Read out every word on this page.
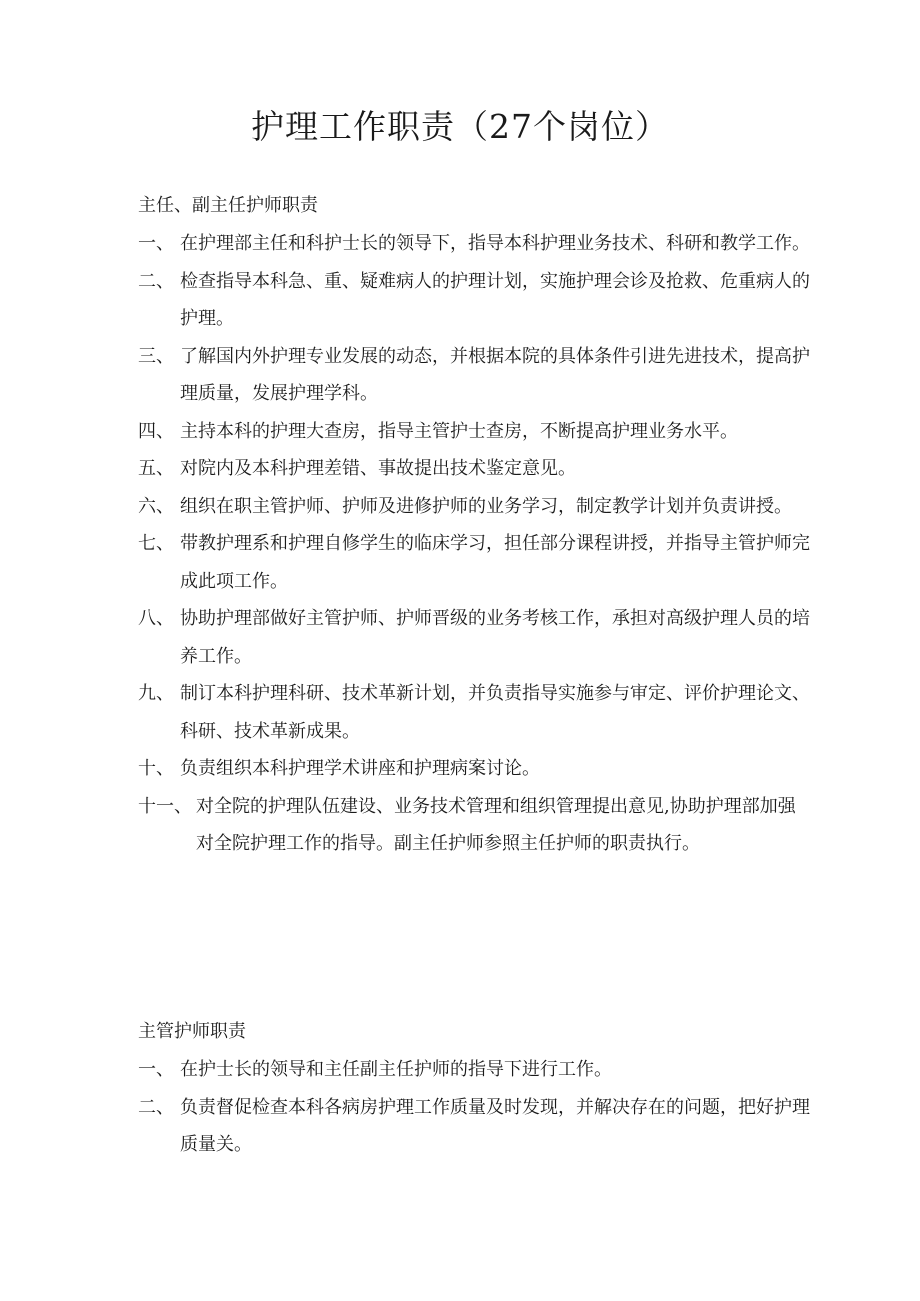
护理工作职责（27个岗位）
主任、副主任护师职责
一、 在护理部主任和科护士长的领导下，指导本科护理业务技术、科研和教学工作。
二、 检查指导本科急、重、疑难病人的护理计划，实施护理会诊及抢救、危重病人的护理。
三、 了解国内外护理专业发展的动态，并根据本院的具体条件引进先进技术，提高护理质量，发展护理学科。
四、 主持本科的护理大查房，指导主管护士查房，不断提高护理业务水平。
五、 对院内及本科护理差错、事故提出技术鉴定意见。
六、 组织在职主管护师、护师及进修护师的业务学习，制定教学计划并负责讲授。
七、 带教护理系和护理自修学生的临床学习，担任部分课程讲授，并指导主管护师完成此项工作。
八、 协助护理部做好主管护师、护师晋级的业务考核工作，承担对高级护理人员的培养工作。
九、 制订本科护理科研、技术革新计划，并负责指导实施参与审定、评价护理论文、科研、技术革新成果。
十、 负责组织本科护理学术讲座和护理病案讨论。
十一、 对全院的护理队伍建设、业务技术管理和组织管理提出意见,协助护理部加强对全院护理工作的指导。副主任护师参照主任护师的职责执行。
主管护师职责
一、 在护士长的领导和主任副主任护师的指导下进行工作。
二、 负责督促检查本科各病房护理工作质量及时发现，并解决存在的问题，把好护理质量关。
